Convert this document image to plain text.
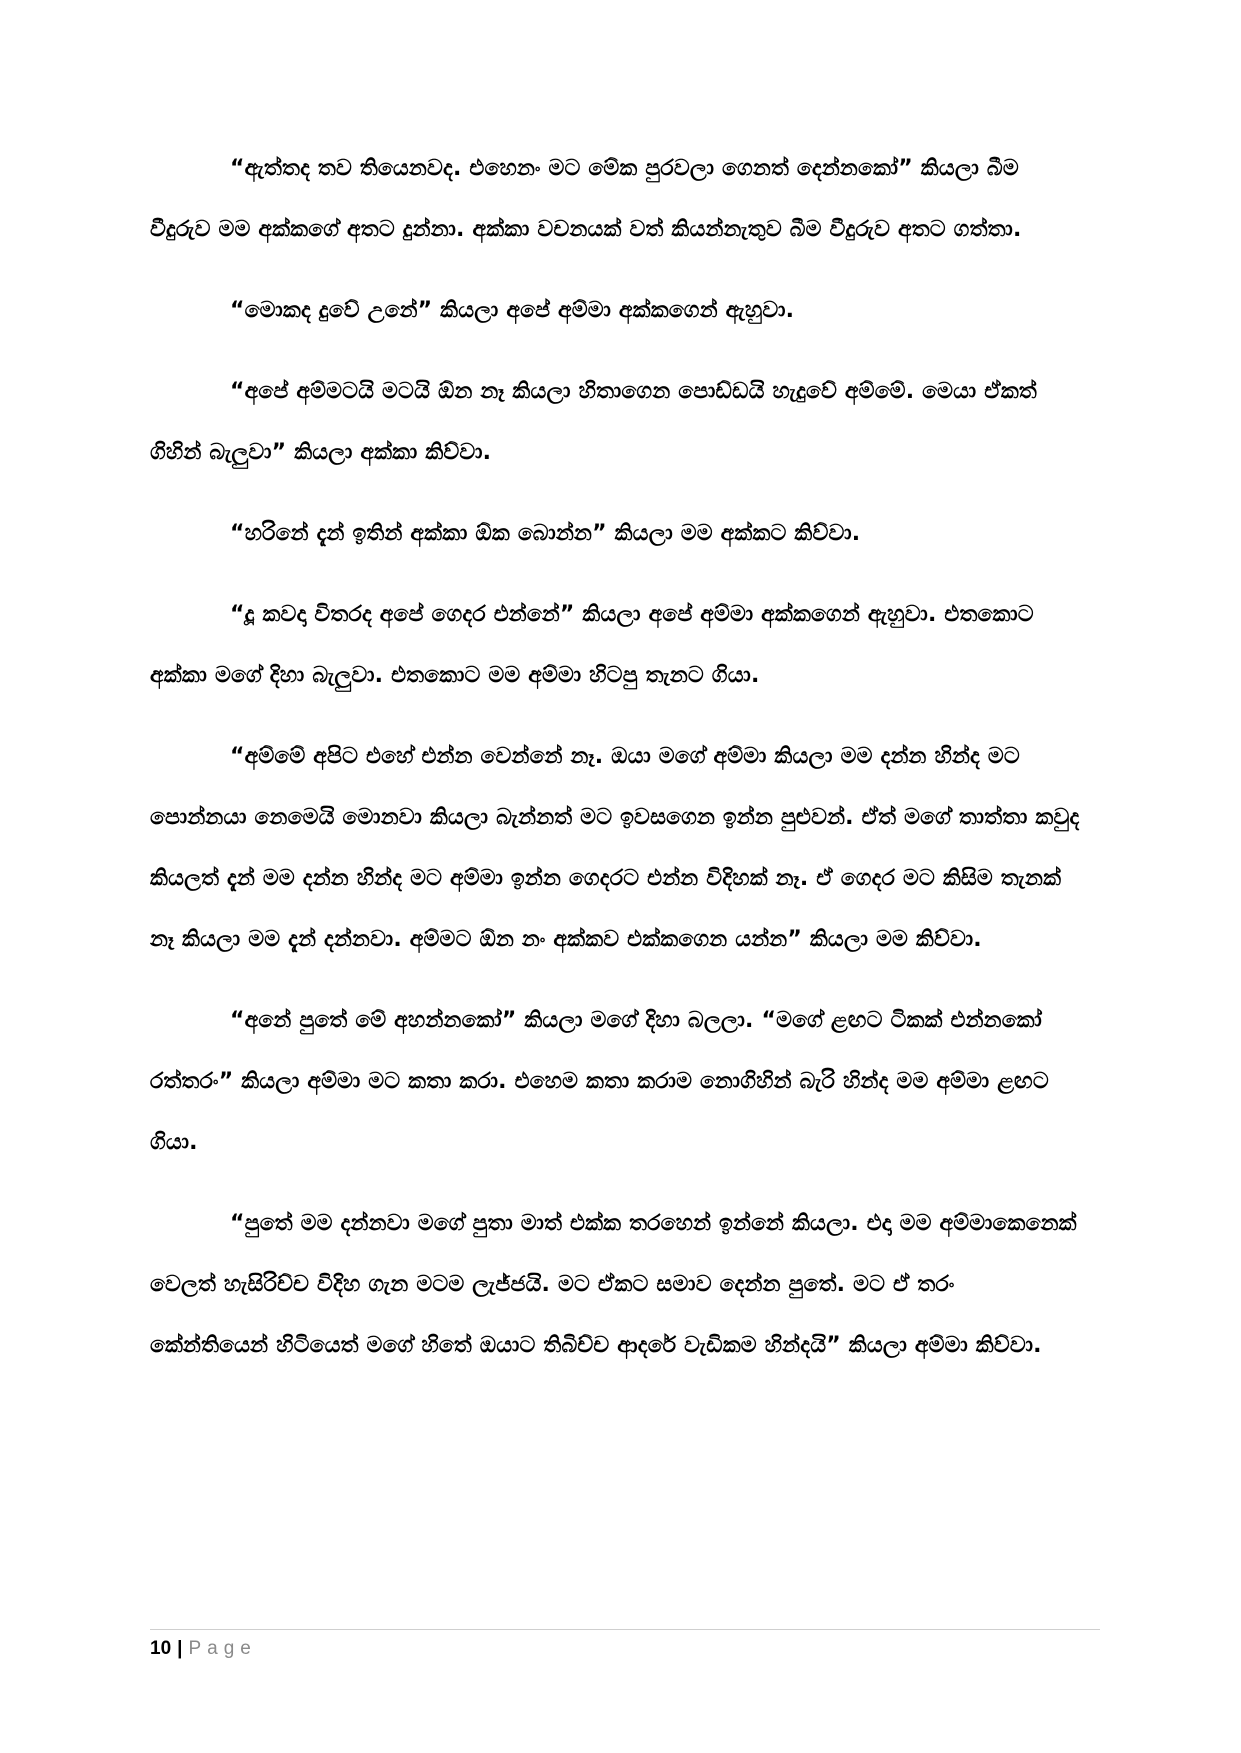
“ඇත්තද තව තියෙනවද. එහෙනං මට මේක පුරවලා ගෙනත් දෙන්නකෝ” කියලා බීම වීදුරුව මම අක්කගේ අතට දුන්නා. අක්කා වචනයක් වත් කියන්නැතුව බීම වීදුරුව අතට ගත්තා.

“මොකද දුවේ උනේ” කියලා අපේ අම්මා අක්කගෙන් ඇහුවා.

“අපේ අම්මටයි මටයි ඕන නෑ කියලා හිතාගෙන පොඩ්ඩයි හැදුවේ අම්මේ. මෙයා ඒකත් ගිහින් බැලුවා” කියලා අක්කා කිව්වා.

“හරිනේ දැන් ඉතින් අක්කා ඕක බොන්න” කියලා මම අක්කට කිව්වා.

“දූ කවදා විතරද අපේ ගෙදර එන්නේ” කියලා අපේ අම්මා අක්කගෙන් ඇහුවා. එතකොට අක්කා මගේ දිහා බැලුවා. එතකොට මම අම්මා හිටපු තැනට ගියා.

“අම්මේ අපිට එහේ එන්න වෙන්නේ නෑ. ඔයා මගේ අම්මා කියලා මම දන්න හින්ද මට පොන්නයා නෙමෙයි මොනවා කියලා බැන්නත් මට ඉවසගෙන ඉන්න පුළුවන්. ඒත් මගේ තාත්තා කවුද කියලත් දැන් මම දන්න හින්ද මට අම්මා ඉන්න ගෙදරට එන්න විදිහක් නෑ. ඒ ගෙදර මට කිසිම තැනක් නෑ කියලා මම දැන් දන්නවා. අම්මට ඕන නං අක්කව එක්කගෙන යන්න” කියලා මම කිව්වා.

“අනේ පුතේ මේ අහන්නකෝ” කියලා මගේ දිහා බලලා. “මගේ ළඟට ටිකක් එන්නකෝ රත්තරං” කියලා අම්මා මට කතා කරා. එහෙම කතා කරාම නොගිහින් බැරි හින්ද මම අම්මා ළඟට ගියා.

“පුතේ මම දන්නවා මගේ පුතා මාත් එක්ක තරහෙන් ඉන්නේ කියලා. එදා මම අම්මාකෙනෙක් වෙලත් හැසිරිච්ච විදිහ ගැන මටම ලැජ්ජයි. මට ඒකට සමාව දෙන්න පුතේ. මට ඒ තරං කේන්තියෙන් හිටියෙත් මගේ හිතේ ඔයාට තිබිච්ච ආදරේ වැඩිකම හින්දයි” කියලා අම්මා කිව්වා.

10 | Page
